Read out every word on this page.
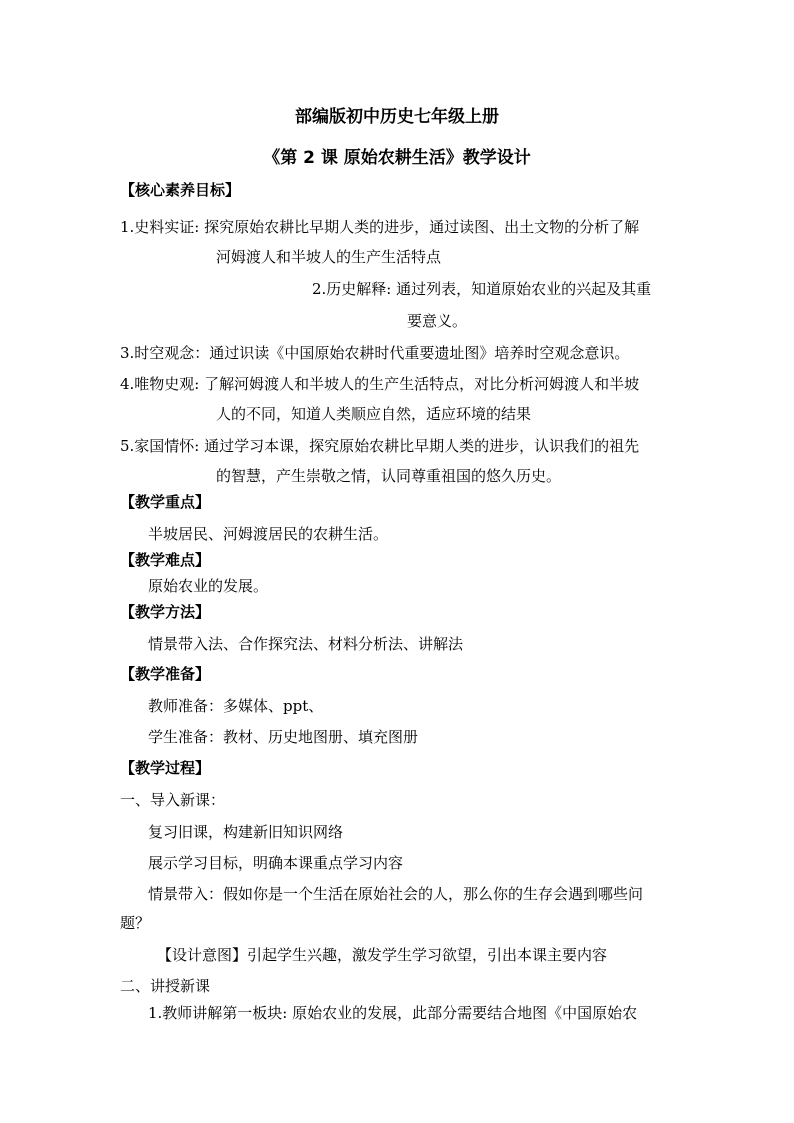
部编版初中历史七年级上册
《第 2 课 原始农耕生活》教学设计
【核心素养目标】
1.史料实证: 探究原始农耕比早期人类的进步，通过读图、出土文物的分析了解
河姆渡人和半坡人的生产生活特点
2.历史解释: 通过列表，知道原始农业的兴起及其重
要意义。
3.时空观念：通过识读《中国原始农耕时代重要遗址图》培养时空观念意识。
4.唯物史观: 了解河姆渡人和半坡人的生产生活特点，对比分析河姆渡人和半坡
人的不同，知道人类顺应自然，适应环境的结果
5.家国情怀: 通过学习本课，探究原始农耕比早期人类的进步，认识我们的祖先
的智慧，产生崇敬之情，认同尊重祖国的悠久历史。
【教学重点】
半坡居民、河姆渡居民的农耕生活。
【教学难点】
原始农业的发展。
【教学方法】
情景带入法、合作探究法、材料分析法、讲解法
【教学准备】
教师准备：多媒体、ppt、
学生准备：教材、历史地图册、填充图册
【教学过程】
一、导入新课：
复习旧课，构建新旧知识网络
展示学习目标，明确本课重点学习内容
情景带入：假如你是一个生活在原始社会的人，那么你的生存会遇到哪些问
题？
【设计意图】引起学生兴趣，激发学生学习欲望，引出本课主要内容
二、讲授新课
1.教师讲解第一板块: 原始农业的发展，此部分需要结合地图《中国原始农
